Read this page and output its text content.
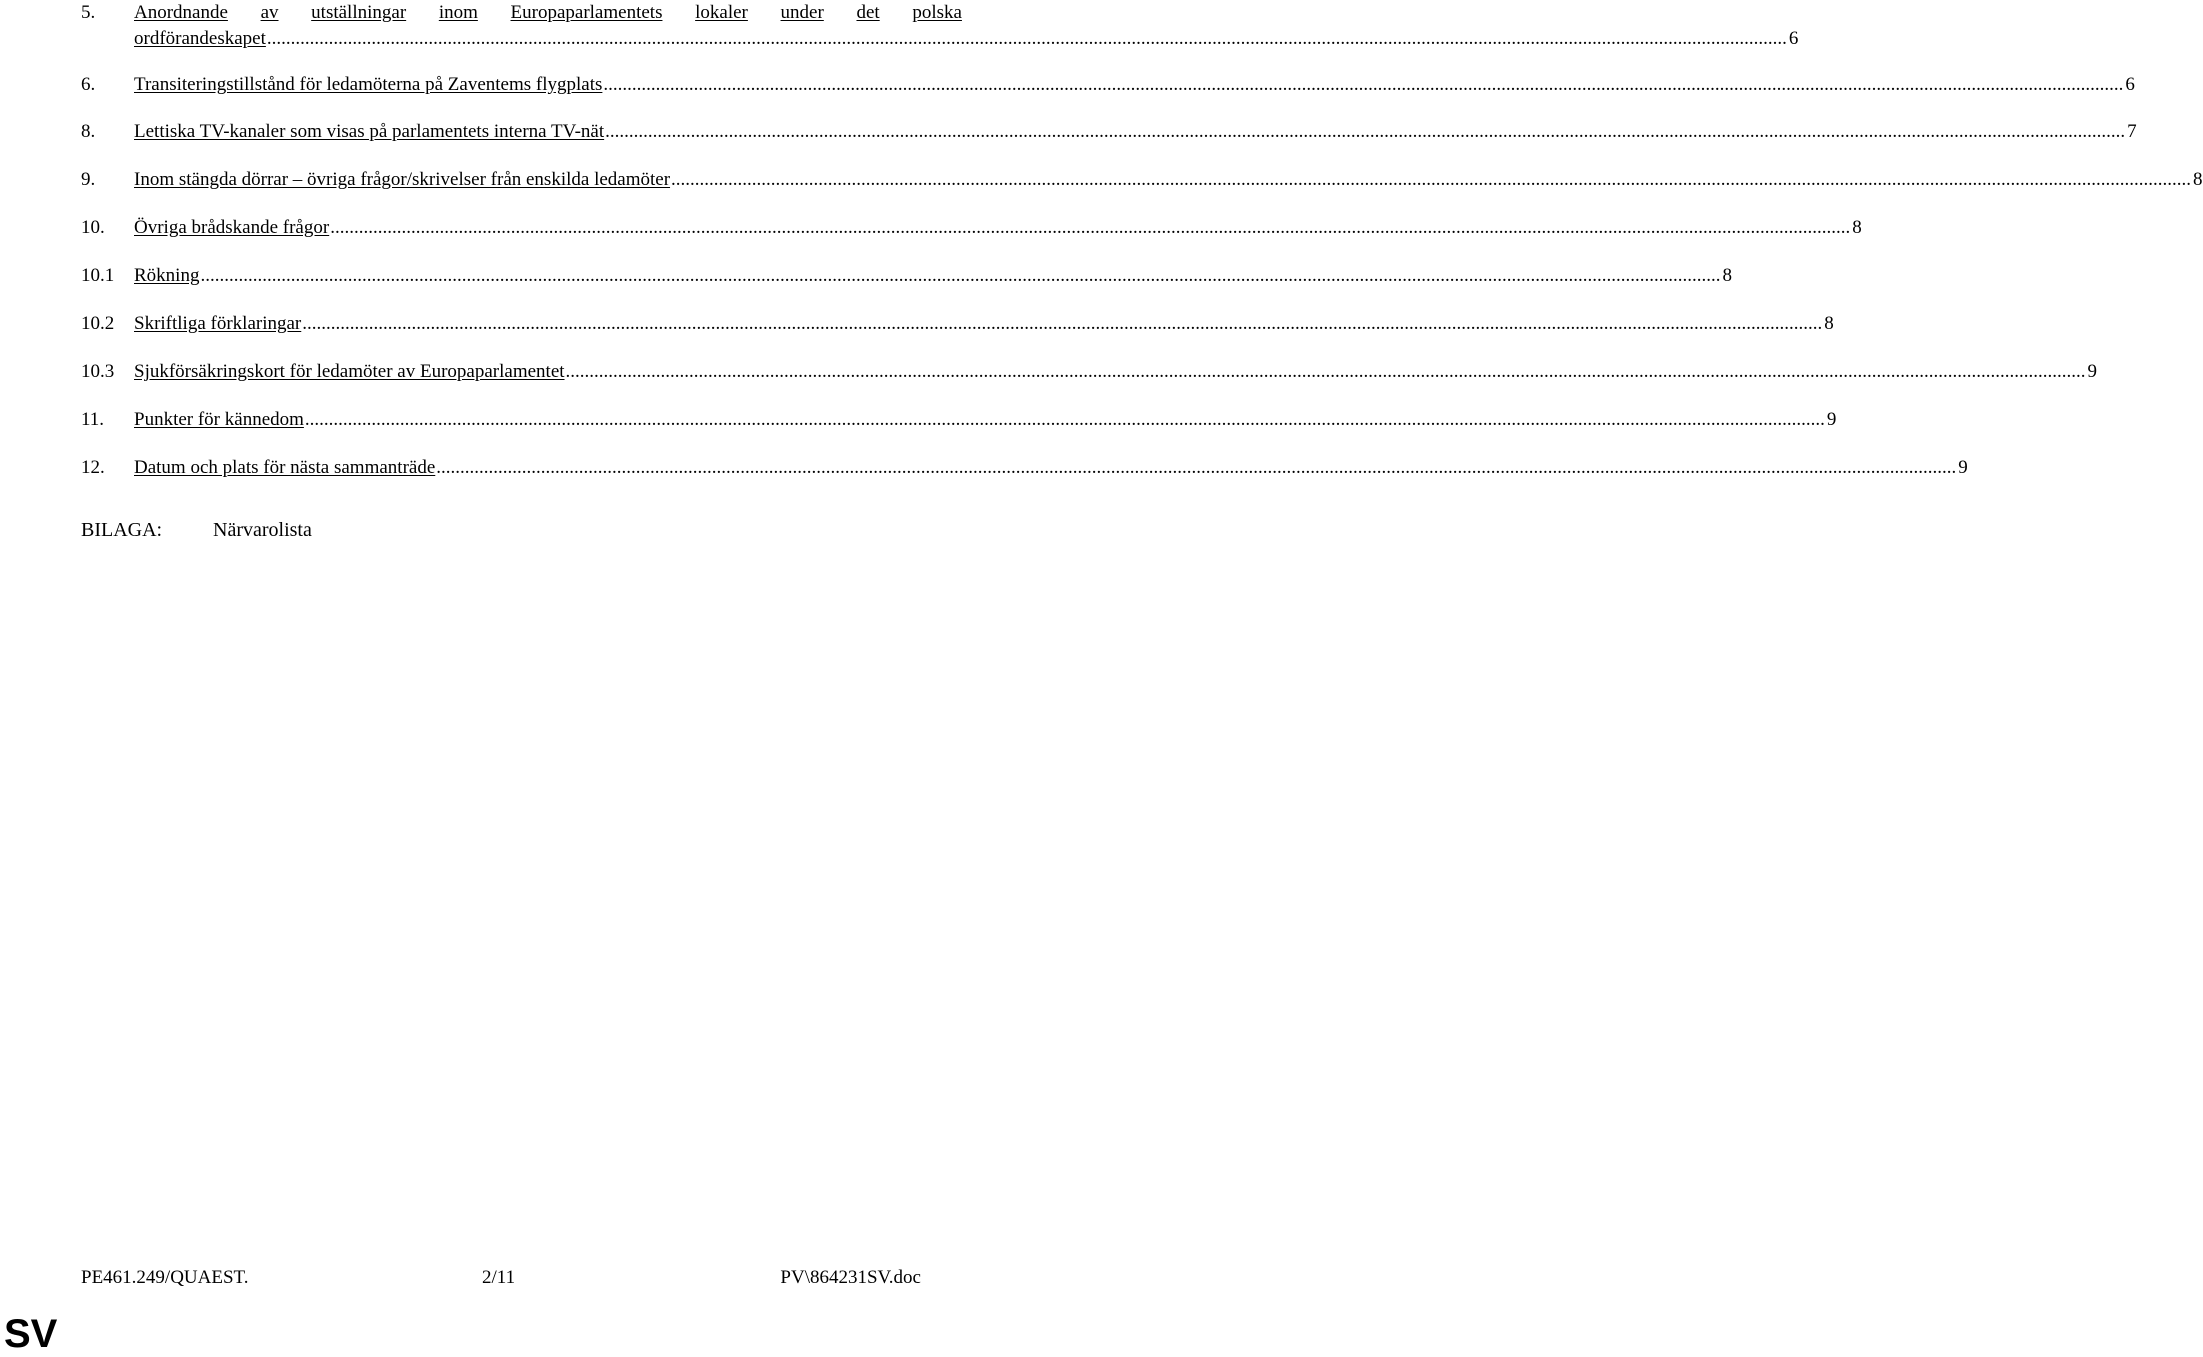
5. Anordnande av utställningar inom Europaparlamentets lokaler under det polska
ordförandeskapet .....	6
6. Transiteringstillstånd för ledamöterna på Zaventems flygplats .....	6
8. Lettiska TV-kanaler som visas på parlamentets interna TV-nät .....	7
9. Inom stängda dörrar – övriga frågor/skrivelser från enskilda ledamöter .....	8
10. Övriga brådskande frågor .....	8
10.1 Rökning .....	8
10.2 Skriftliga förklaringar .....	8
10.3 Sjukförsäkringskort för ledamöter av Europaparlamentet .....	9
11. Punkter för kännedom .....	9
12. Datum och plats för nästa sammanträde .....	9
BILAGA:	Närvarolista
PE461.249/QUAEST.	2/11	PV\864231SV.doc
SV
